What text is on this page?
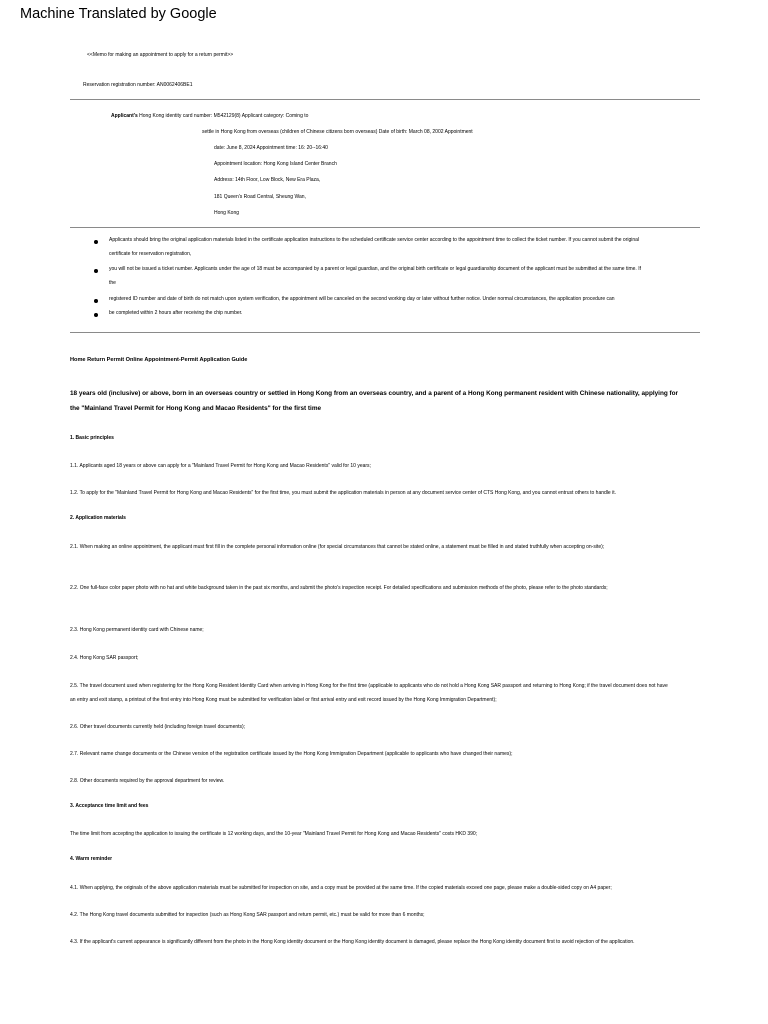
Machine Translated by Google
<<Memo for making an appointment to apply for a return permit>>
Reservation registration number: AN0062406BE1
Applicant's Hong Kong identity card number: M542129(8) Applicant category: Coming to
settle in Hong Kong from overseas (children of Chinese citizens born overseas) Date of birth: March 08, 2002 Appointment
date: June 8, 2024 Appointment time: 16: 20--16:40
Appointment location: Hong Kong Island Center Branch
Address: 14th Floor, Low Block, New Era Plaza,
181 Queen's Road Central, Sheung Wan,
Hong Kong
Applicants should bring the original application materials listed in the certificate application instructions to the scheduled certificate service center according to the appointment time to collect the ticket number. If you cannot submit the original
certificate for reservation registration,
you will not be issued a ticket number. Applicants under the age of 18 must be accompanied by a parent or legal guardian, and the original birth certificate or legal guardianship document of the applicant must be submitted at the same time. If
the
registered ID number and date of birth do not match upon system verification, the appointment will be canceled on the second working day or later without further notice. Under normal circumstances, the application procedure can
be completed within 2 hours after receiving the chip number.
Home Return Permit Online Appointment-Permit Application Guide
18 years old (inclusive) or above, born in an overseas country or settled in Hong Kong from an overseas country, and a parent of a Hong Kong permanent resident with Chinese nationality, applying for
the "Mainland Travel Permit for Hong Kong and Macao Residents" for the first time
1. Basic principles
1.1. Applicants aged 18 years or above can apply for a "Mainland Travel Permit for Hong Kong and Macao Residents" valid for 10 years;
1.2. To apply for the "Mainland Travel Permit for Hong Kong and Macao Residents" for the first time, you must submit the application materials in person at any document service center of CTS Hong Kong, and you cannot entrust others to handle it.
2. Application materials
2.1. When making an online appointment, the applicant must first fill in the complete personal information online (for special circumstances that cannot be stated online, a statement must be filled in and stated truthfully when accepting on-site);
2.2. One full-face color paper photo with no hat and white background taken in the past six months, and submit the photo's inspection receipt. For detailed specifications and submission methods of the photo, please refer to the photo standards;
2.3. Hong Kong permanent identity card with Chinese name;
2.4. Hong Kong SAR passport;
2.5. The travel document used when registering for the Hong Kong Resident Identity Card when arriving in Hong Kong for the first time (applicable to applicants who do not hold a Hong Kong SAR passport and returning to Hong Kong; if the travel document does not have
an entry and exit stamp, a printout of the first entry into Hong Kong must be submitted for verification label or first arrival entry and exit record issued by the Hong Kong Immigration Department);
2.6. Other travel documents currently held (including foreign travel documents);
2.7. Relevant name change documents or the Chinese version of the registration certificate issued by the Hong Kong Immigration Department (applicable to applicants who have changed their names);
2.8. Other documents required by the approval department for review.
3. Acceptance time limit and fees
The time limit from accepting the application to issuing the certificate is 12 working days, and the 10-year "Mainland Travel Permit for Hong Kong and Macao Residents" costs HKD 390;
4. Warm reminder
4.1. When applying, the originals of the above application materials must be submitted for inspection on site, and a copy must be provided at the same time. If the copied materials exceed one page, please make a double-sided copy on A4 paper;
4.2. The Hong Kong travel documents submitted for inspection (such as Hong Kong SAR passport and return permit, etc.) must be valid for more than 6 months;
4.3. If the applicant's current appearance is significantly different from the photo in the Hong Kong identity document or the Hong Kong identity document is damaged, please replace the Hong Kong identity document first to avoid rejection of the application.
